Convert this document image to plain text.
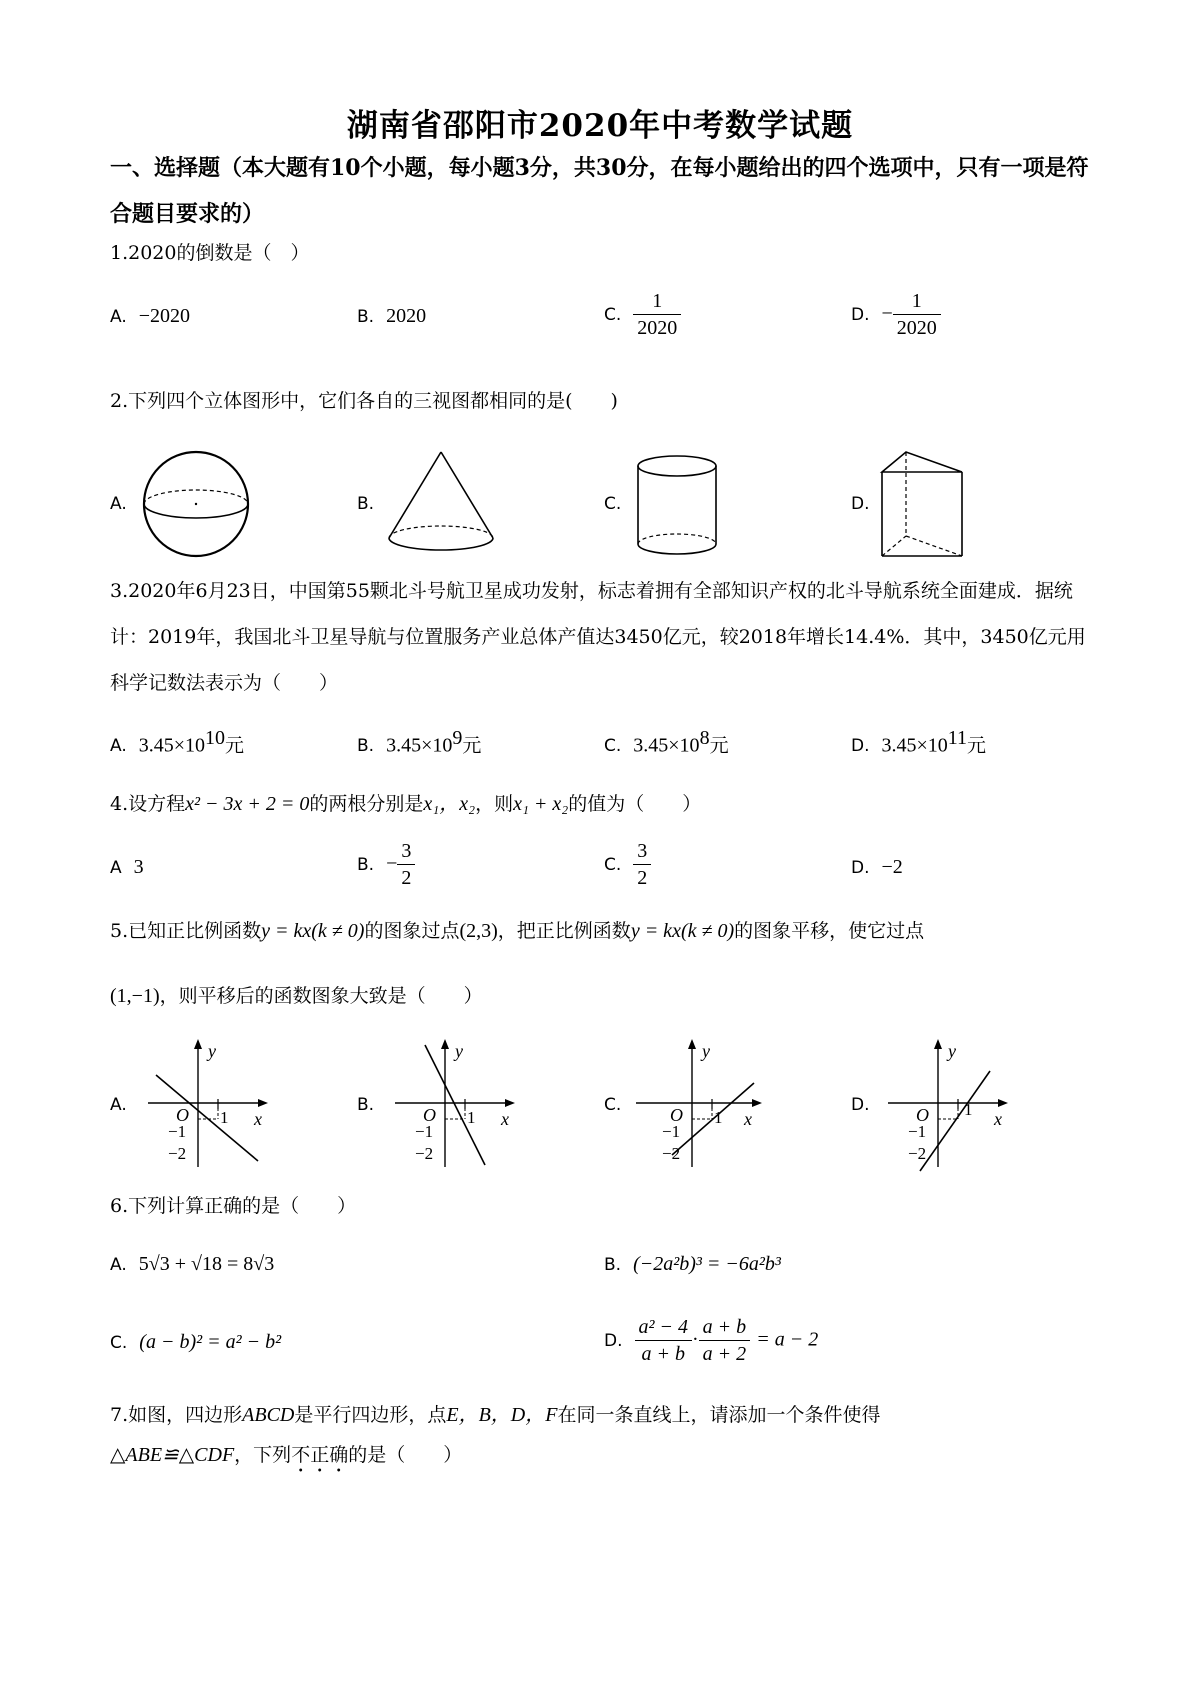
湖南省邵阳市2020年中考数学试题
一、选择题（本大题有10个小题，每小题3分，共30分，在每小题给出的四个选项中，只有一项是符合题目要求的）
1.2020的倒数是（　）
A. −2020	B. 2020	C. $\frac{1}{2020}$	D. − $\frac{1}{2020}$
2.下列四个立体图形中，它们各自的三视图都相同的是(　　)
A.	B.	C.	D.
3.2020年6月23日，中国第55颗北斗号航卫星成功发射，标志着拥有全部知识产权的北斗导航系统全面建成．据统计：2019年，我国北斗卫星导航与位置服务产业总体产值达3450亿元，较2018年增长14.4%．其中，3450亿元用科学记数法表示为（　　）
A. $3.45\times 10^{10}$元	B. $3.45\times 10^9$元	C. $3.45\times 10^8$元	D. $3.45\times 10^{11}$元
4.设方程x² − 3x + 2 = 0的两根分别是x₁，x₂，则x₁ + x₂的值为（　　）
A 3	B. − $\frac{3}{2}$	C. $\frac{3}{2}$	D. −2
5.已知正比例函数y = kx(k ≠ 0)的图象过点(2,3)，把正比例函数y = kx(k ≠ 0)的图象平移，使它过点
(1,−1)，则平移后的函数图象大致是（　　）
A.	B.	C.	D.
y
x
O 1
−1
−2
y
x
O 1
−1
−2
y
x
O 1
−1
−2
y
x
O 1
−1
−2
6.下列计算正确的是（　　）
A. 5√3 + √18 = 8√3	B. (−2a²b)³ = −6a²b³
C. (a − b)² = a² − b²	D. $\frac{\text{a² − 4}}{a + b} \cdot \frac{a + b}{a + 2} = a - 2$
7.如图，四边形ABCD是平行四边形，点E，B，D，F在同一条直线上，请添加一个条件使得
△ABE≌△CDF，下列不正确的是（　　）
